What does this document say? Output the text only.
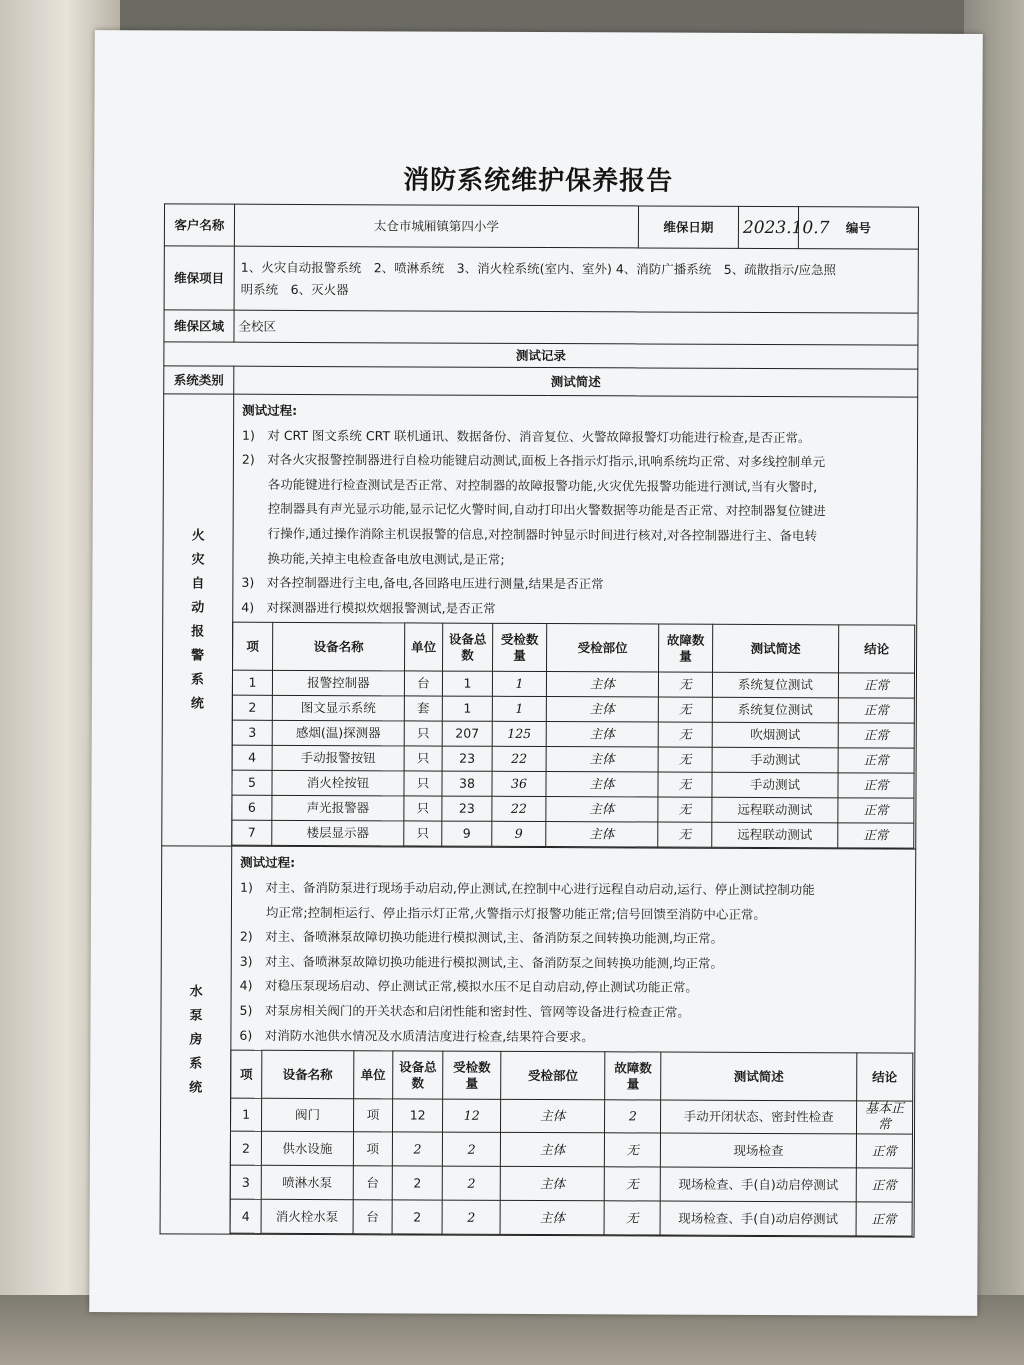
消防系统维护保养报告
客户名称	太仓市城厢镇第四小学	维保日期	2023.10.7	编号
维保项目	
1、火灾自动报警系统　2、喷淋系统　3、消火栓系统(室内、室外) 4、消防广播系统　5、疏散指示/应急照
明系统　6、灭火器

维保区域	全校区
测试记录
系统类别	测试简述

火
灾
自
动
报
警
系
统

测试过程:
1)　对 CRT 图文系统 CRT 联机通讯、数据备份、消音复位、火警故障报警灯功能进行检查,是否正常。
2)　对各火灾报警控制器进行自检功能键启动测试,面板上各指示灯指示,讯响系统均正常、对多线控制单元
各功能键进行检查测试是否正常、对控制器的故障报警功能,火灾优先报警功能进行测试,当有火警时,
控制器具有声光显示功能,显示记忆火警时间,自动打印出火警数据等功能是否正常、对控制器复位键进
行操作,通过操作消除主机误报警的信息,对控制器时钟显示时间进行核对,对各控制器进行主、备电转
换功能,关掉主电检查备电放电测试,是正常;
3)　对各控制器进行主电,备电,各回路电压进行测量,结果是否正常
4)　对探测器进行模拟炊烟报警测试,是否正常
项	设备名称	单位	设备总数	受检数量	受检部位	故障数量	测试简述	结论
1	报警控制器	台	1	1	主体	无	系统复位测试	正常
2	图文显示系统	套	1	1	主体	无	系统复位测试	正常
3	感烟(温)探测器	只	207	125	主体	无	吹烟测试	正常
4	手动报警按钮	只	23	22	主体	无	手动测试	正常
5	消火栓按钮	只	38	36	主体	无	手动测试	正常
6	声光报警器	只	23	22	主体	无	远程联动测试	正常
7	楼层显示器	只	9	9	主体	无	远程联动测试	正常

水
泵
房
系
统

测试过程:
1)　对主、备消防泵进行现场手动启动,停止测试,在控制中心进行远程自动启动,运行、停止测试控制功能
均正常;控制柜运行、停止指示灯正常,火警指示灯报警功能正常;信号回馈至消防中心正常。
2)　对主、备喷淋泵故障切换功能进行模拟测试,主、备消防泵之间转换功能测,均正常。
3)　对主、备喷淋泵故障切换功能进行模拟测试,主、备消防泵之间转换功能测,均正常。
4)　对稳压泵现场启动、停止测试正常,模拟水压不足自动启动,停止测试功能正常。
5)　对泵房相关阀门的开关状态和启闭性能和密封性、管网等设备进行检查正常。
6)　对消防水池供水情况及水质清洁度进行检查,结果符合要求。
项	设备名称	单位	设备总数	受检数量	受检部位	故障数量	测试简述	结论
1	阀门	项	12	12	主体	2	手动开闭状态、密封性检查	基本正常
2	供水设施	项	2	2	主体	无	现场检查	正常
3	喷淋水泵	台	2	2	主体	无	现场检查、手(自)动启停测试	正常
4	消火栓水泵	台	2	2	主体	无	现场检查、手(自)动启停测试	正常
